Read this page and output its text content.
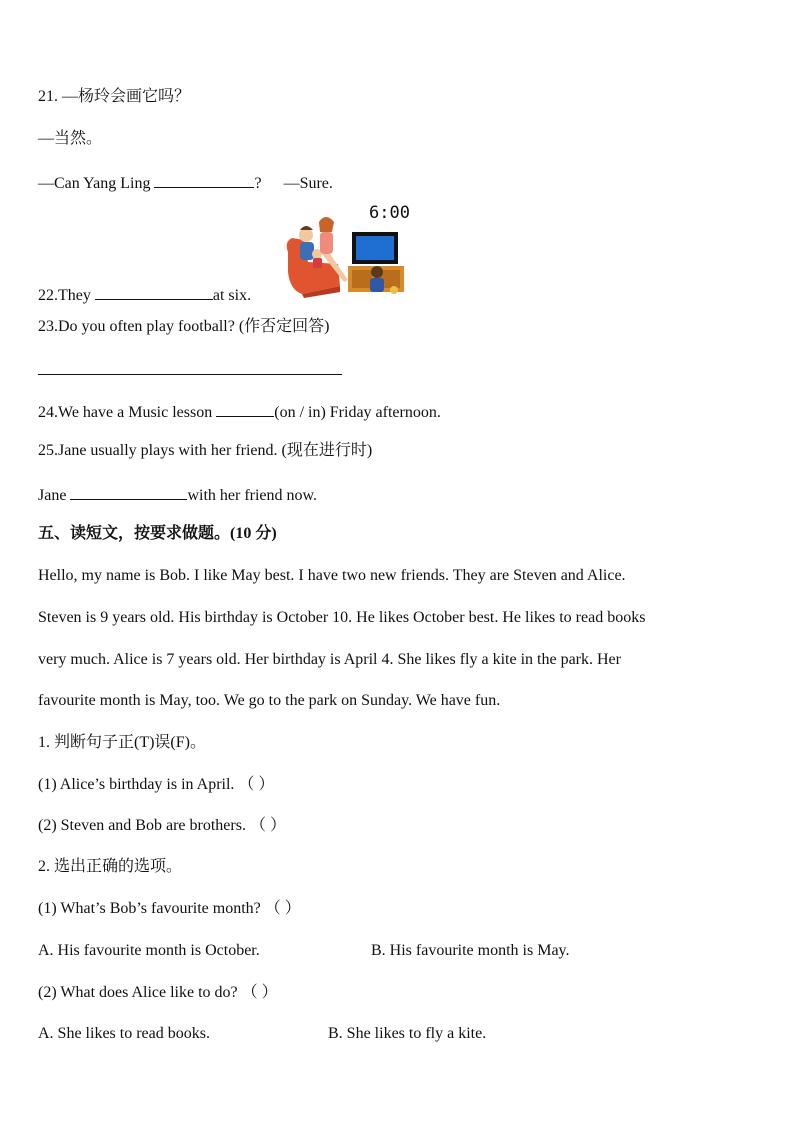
21. —杨玲会画它吗？
—当然。
—Can Yang Ling	? —Sure.
6:00
22.They	at six.
23.Do you often play football? (作否定回答)
24.We have a Music lesson	(on / in) Friday afternoon.
25.Jane usually plays with her friend. (现在进行时)
Jane	with her friend now.
五、读短文，按要求做题。(10 分)
Hello, my name is Bob. I like May best. I have two new friends. They are Steven and Alice.
Steven is 9 years old. His birthday is October 10. He likes October best. He likes to read books
very much. Alice is 7 years old. Her birthday is April 4. She likes fly a kite in the park. Her
favourite month is May, too. We go to the park on Sunday. We have fun.
1. 判断句子正(T)误(F)。
(1) Alice’s birthday is in April. （ ）
(2) Steven and Bob are brothers. （ ）
2. 选出正确的选项。
(1) What’s Bob’s favourite month? （ ）
A. His favourite month is October.	B. His favourite month is May.
(2) What does Alice like to do? （ ）
A. She likes to read books.	B. She likes to fly a kite.
